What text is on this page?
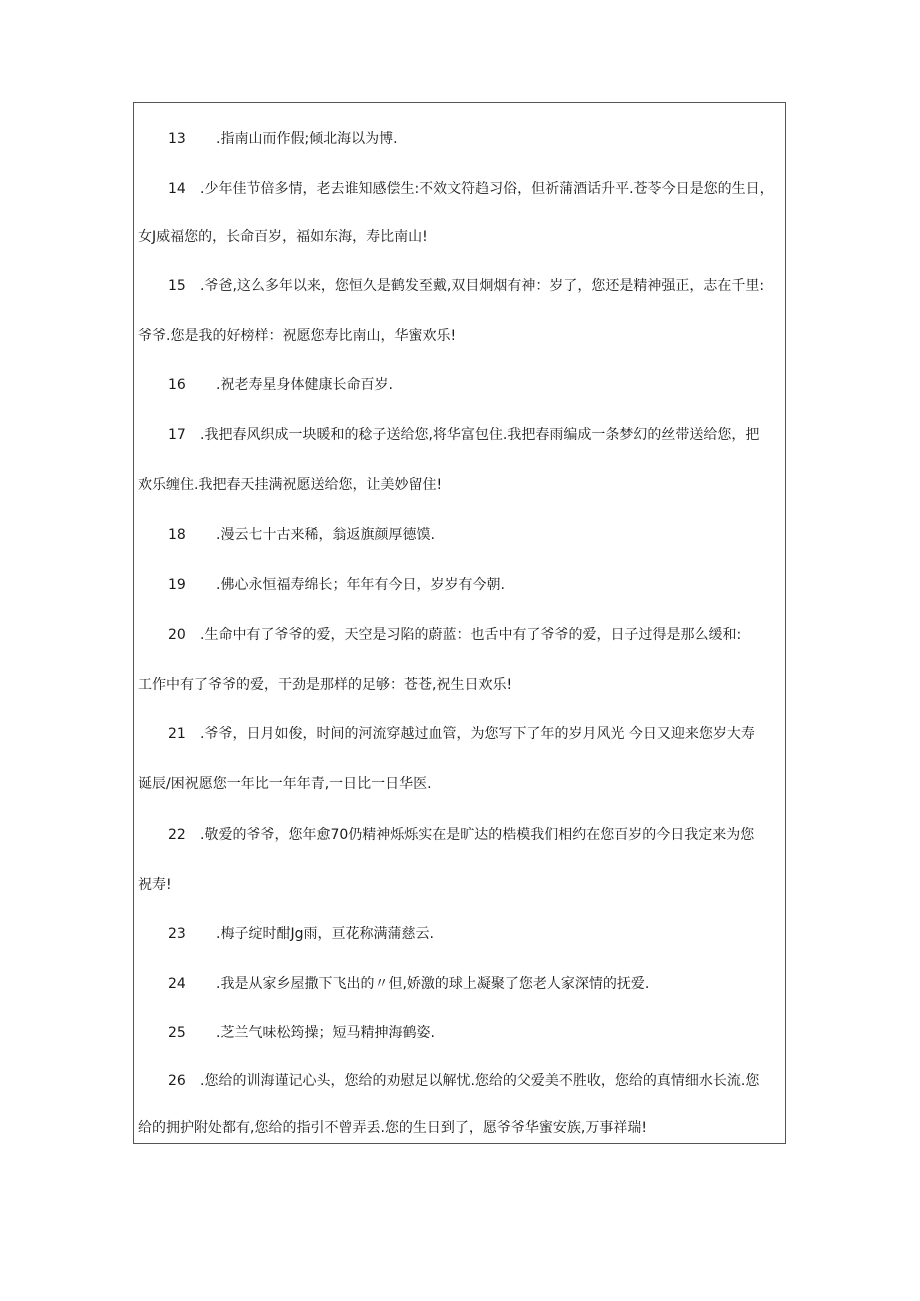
13 .指南山而作假;倾北海以为博.
14 .少年佳节倍多情，老去谁知感偿生:不效文符趋习俗，但祈蒲酒话升平.苍苓今日是您的生日，
女J威福您的，长命百岁，福如东海，寿比南山!
15 .爷爸,这么多年以来，您恒久是鹤发至戴,双目炯烟有神：岁了，您还是精神强正，志在千里:
爷爷.您是我的好榜样：祝愿您寿比南山，华蜜欢乐!
16 .祝老寿星身体健康长命百岁.
17 .我把春风织成一块暖和的稔子送给您,将华富包住.我把春雨编成一条梦幻的丝带送给您，把
欢乐缠住.我把春天挂满祝愿送给您，让美妙留住!
18 .漫云七十古来稀，翁返旗颜厚德馍.
19 .佛心永恒福寿绵长；年年有今日，岁岁有今朝.
20 .生命中有了爷爷的爱，天空是习陷的蔚蓝：也舌中有了爷爷的爱，日子过得是那么缓和:
工作中有了爷爷的爱，干劲是那样的足够：苍苍,祝生日欢乐!
21 .爷爷，日月如俊，时间的河流穿越过血管，为您写下了年的岁月风光 今日又迎来您岁大寿
诞辰/困祝愿您一年比一年年青,一日比一日华医.
22 .敬爱的爷爷，您年愈70仍精神烁烁实在是旷达的梏模我们相约在您百岁的今日我定来为您
祝寿!
23 .梅子绽时酣Jg雨，亘花称满蒲慈云.
24 .我是从家乡屋撒下飞出的〃但,娇激的球上凝聚了您老人家深情的抚爱.
25 .芝兰气味松筠操；短马精抻海鹤姿.
26 .您给的训海谨记心头，您给的劝慰足以解忧.您给的父爱美不胜收，您给的真情细水长流.您
给的拥护附处都有,您给的指引不曾弄丢.您的生日到了，愿爷爷华蜜安族,万事祥瑞!
